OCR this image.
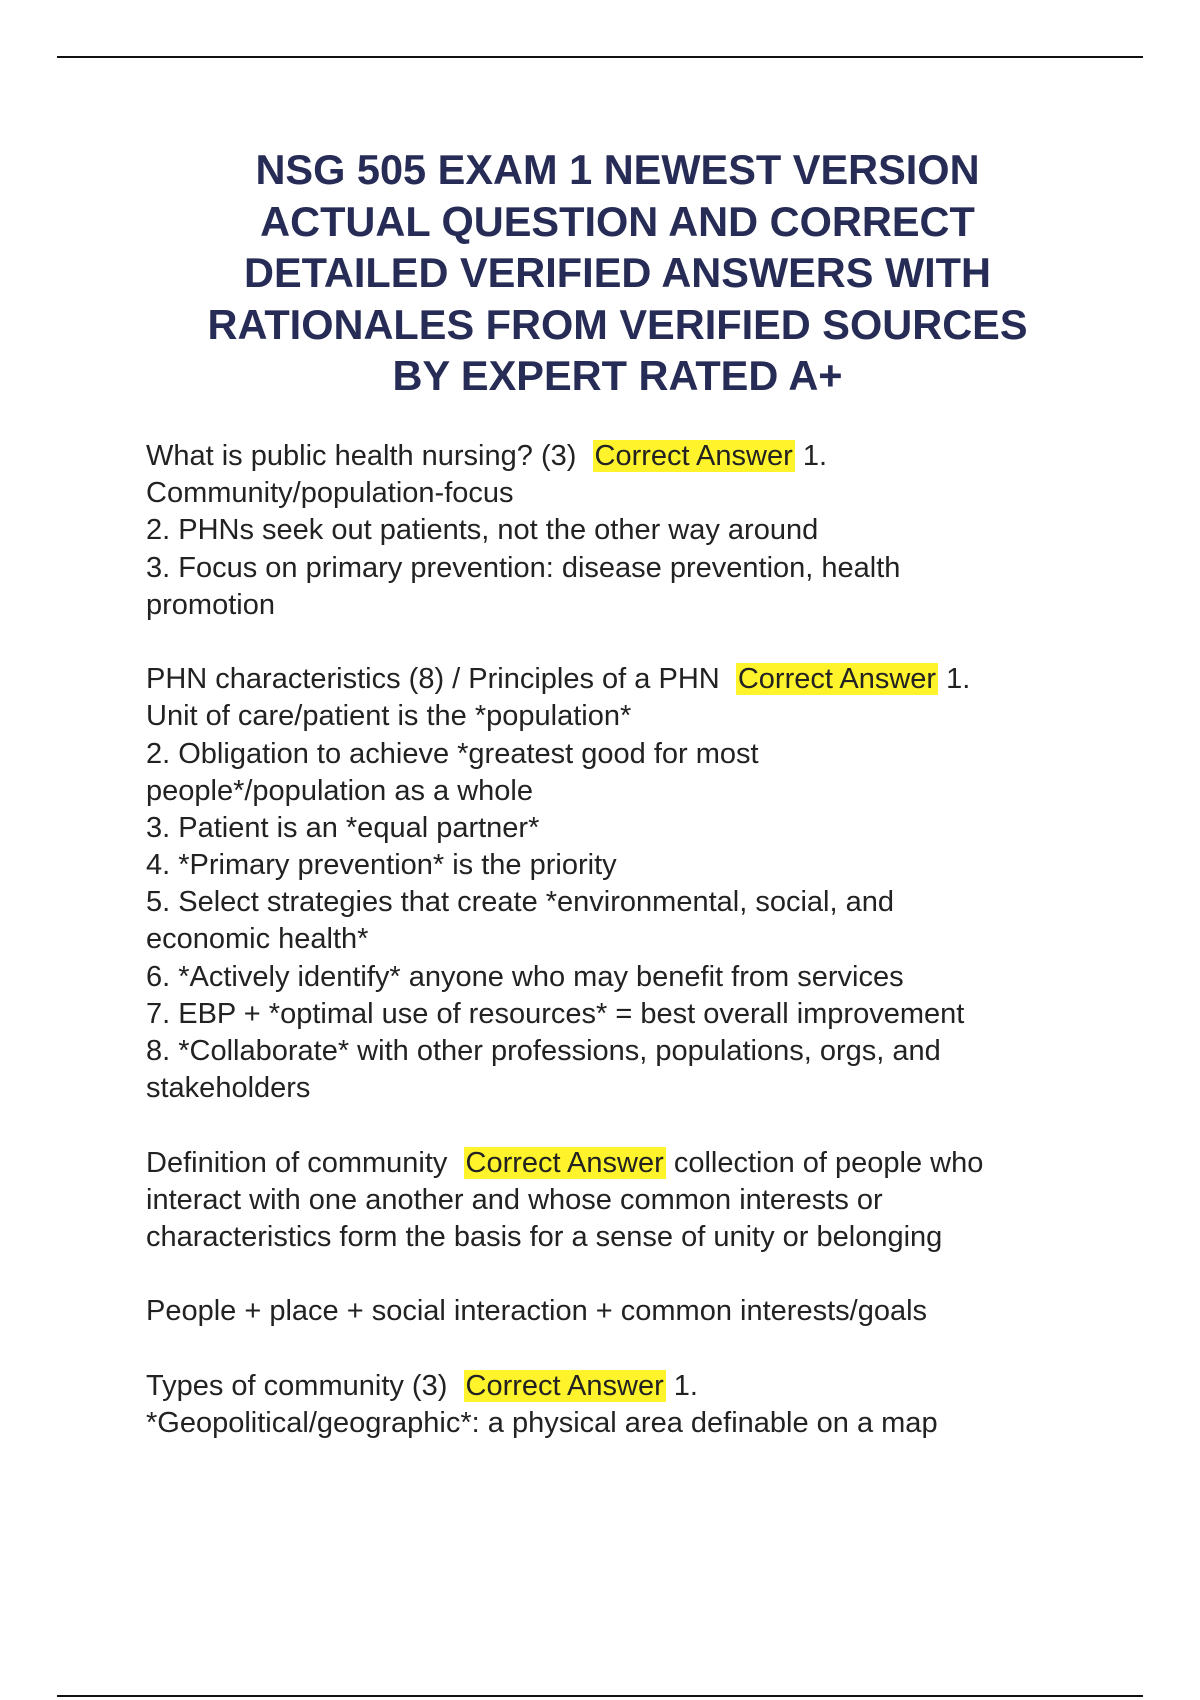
NSG 505 EXAM 1 NEWEST VERSION
ACTUAL QUESTION AND CORRECT
DETAILED VERIFIED ANSWERS WITH
RATIONALES FROM VERIFIED SOURCES
BY EXPERT RATED A+
What is public health nursing? (3) Correct Answer 1.
Community/population-focus
2. PHNs seek out patients, not the other way around
3. Focus on primary prevention: disease prevention, health
promotion
PHN characteristics (8) / Principles of a PHN Correct Answer 1.
Unit of care/patient is the *population*
2. Obligation to achieve *greatest good for most
people*/population as a whole
3. Patient is an *equal partner*
4. *Primary prevention* is the priority
5. Select strategies that create *environmental, social, and
economic health*
6. *Actively identify* anyone who may benefit from services
7. EBP + *optimal use of resources* = best overall improvement
8. *Collaborate* with other professions, populations, orgs, and
stakeholders
Definition of community Correct Answer collection of people who
interact with one another and whose common interests or
characteristics form the basis for a sense of unity or belonging
People + place + social interaction + common interests/goals
Types of community (3) Correct Answer 1.
*Geopolitical/geographic*: a physical area definable on a map
